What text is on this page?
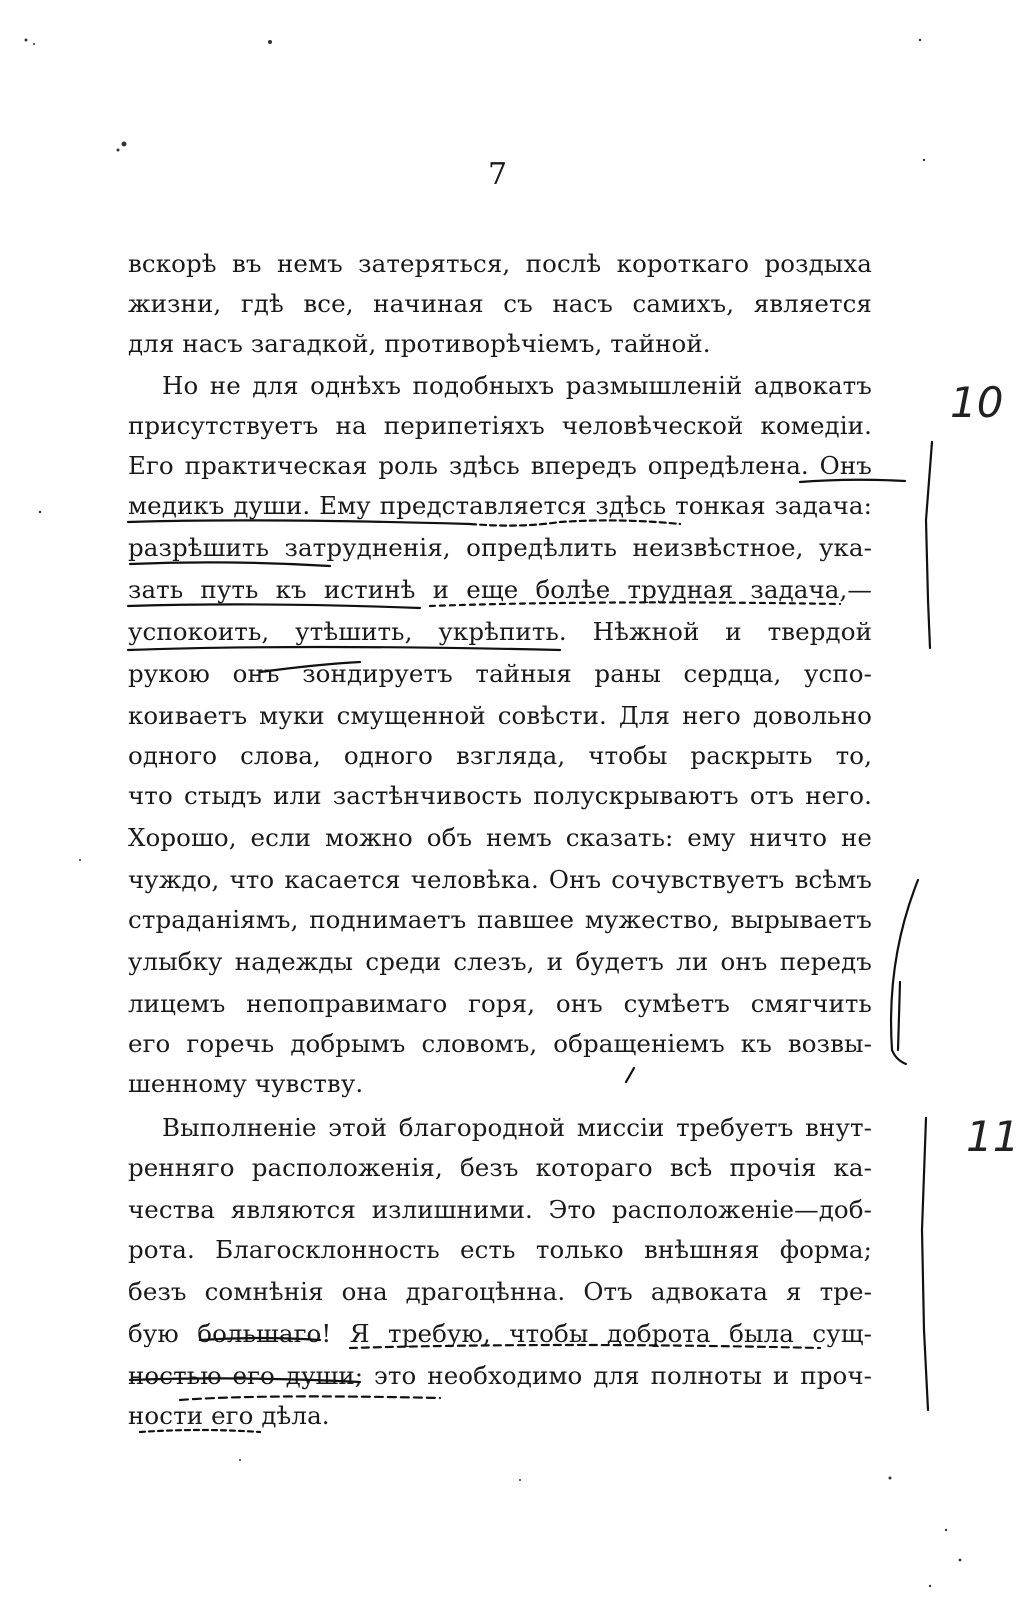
7
вскорѣ въ немъ затеряться, послѣ короткаго роздыха
жизни, гдѣ все, начиная съ насъ самихъ, является
для насъ загадкой, противорѣчіемъ, тайной.
Но не для однѣхъ подобныхъ размышленій адвокатъ
присутствуетъ на перипетіяхъ человѣческой комедіи.
Его практическая роль здѣсь впередъ опредѣлена. Онъ
медикъ души. Ему представляется здѣсь тонкая задача:
разрѣшить затрудненія, опредѣлить неизвѣстное, ука-
зать путь къ истинѣ и еще болѣе трудная задача,—
успокоить, утѣшить, укрѣпить. Нѣжной и твердой
рукою онъ зондируетъ тайныя раны сердца, успо-
коиваетъ муки смущенной совѣсти. Для него довольно
одного слова, одного взгляда, чтобы раскрыть то,
что стыдъ или застѣнчивость полускрываютъ отъ него.
Хорошо, если можно объ немъ сказать: ему ничто не
чуждо, что касается человѣка. Онъ сочувствуетъ всѣмъ
страданіямъ, поднимаетъ павшее мужество, вырываетъ
улыбку надежды среди слезъ, и будетъ ли онъ передъ
лицемъ непоправимаго горя, онъ сумѣетъ смягчить
его горечь добрымъ словомъ, обращеніемъ къ возвы-
шенному чувству.
Выполненіе этой благородной миссіи требуетъ внут-
ренняго расположенія, безъ котораго всѣ прочія ка-
чества являются излишними. Это расположеніе—доб-
рота. Благосклонность есть только внѣшняя форма;
безъ сомнѣнія она драгоцѣнна. Отъ адвоката я тре-
бую большаго! Я требую, чтобы доброта была сущ-
ностью его души; это необходимо для полноты и проч-
ности его дѣла.
10
11
